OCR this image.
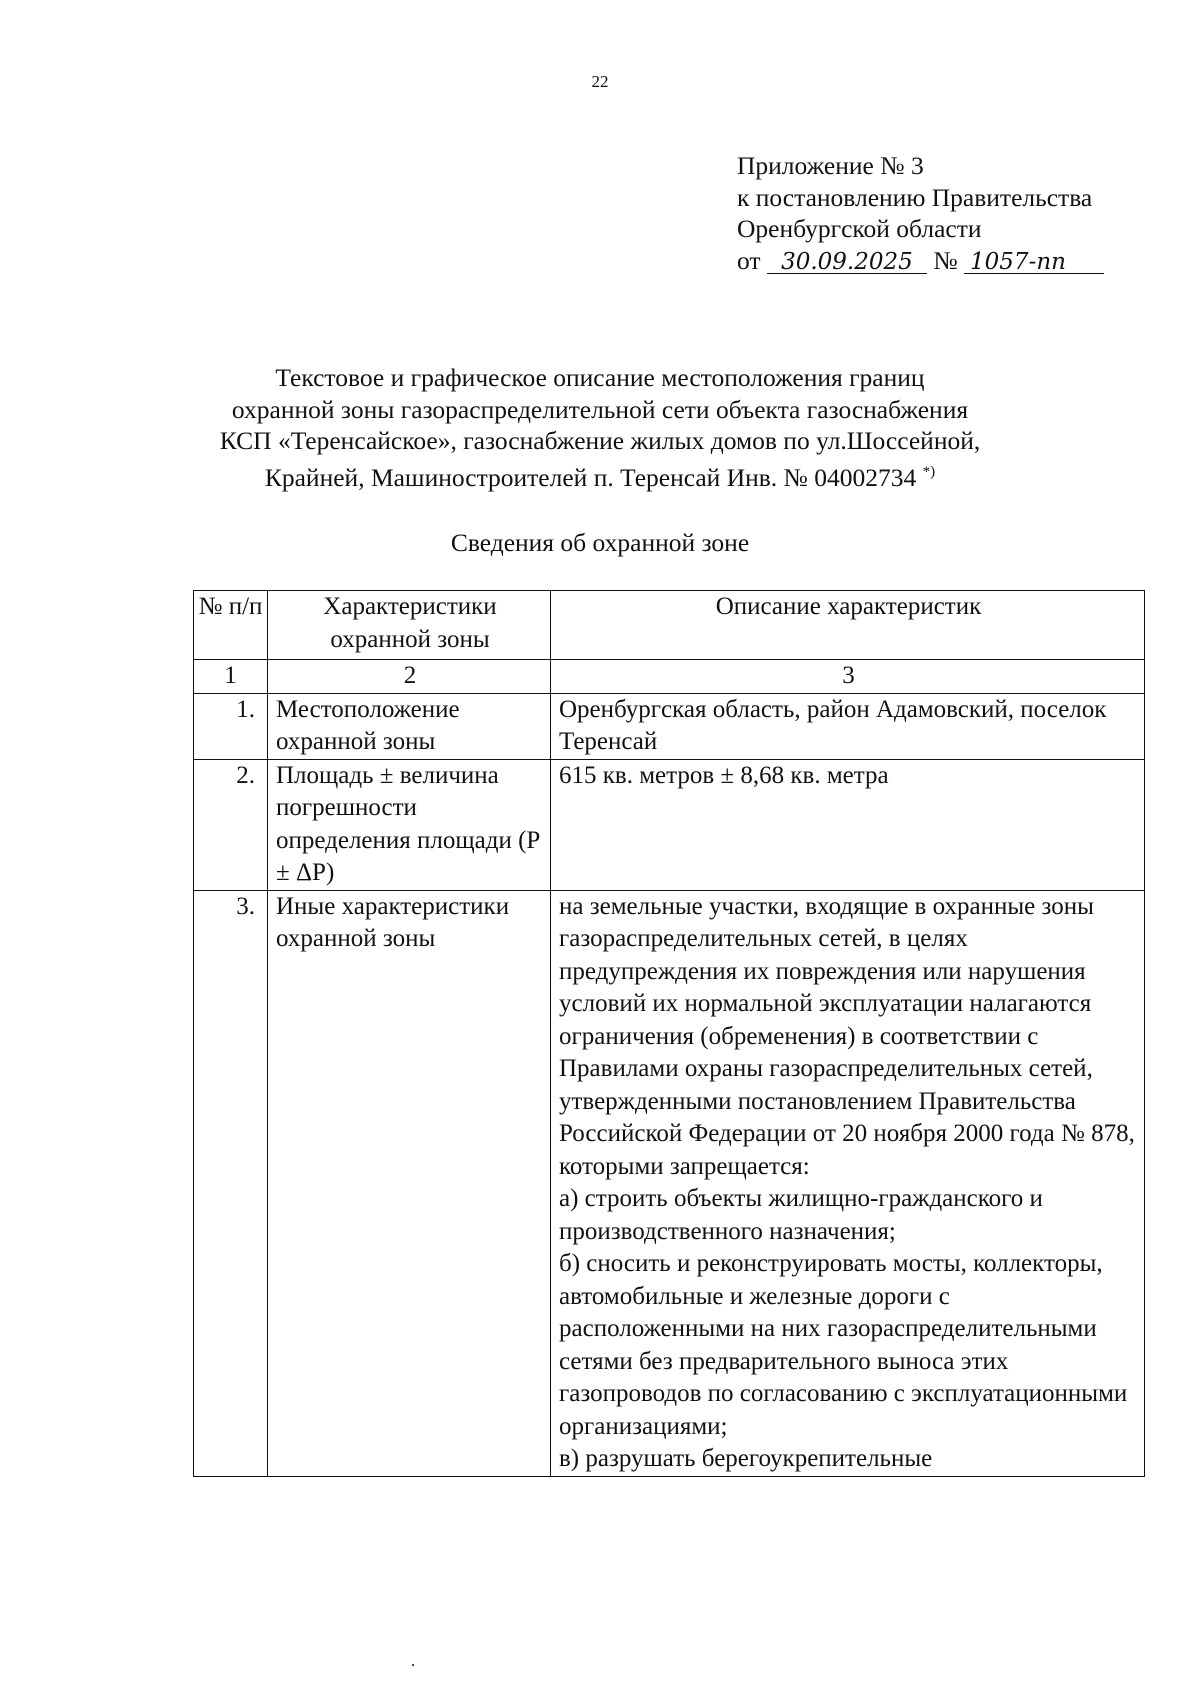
22
Приложение № 3
к постановлению Правительства
Оренбургской области
от 30.09.2025 № 1057-пп
Текстовое и графическое описание местоположения границ
охранной зоны газораспределительной сети объекта газоснабжения
КСП «Теренсайское», газоснабжение жилых домов по ул.Шоссейной,
Крайней, Машиностроителей п. Теренсай Инв. № 04002734 *)
Сведения об охранной зоне
№ п/п	Характеристики охранной зоны	Описание характеристик
1	2	3
1.	Местоположение охранной зоны	Оренбургская область, район Адамовский, поселок Теренсай
2.	Площадь ± величина погрешности определения площади (Р ± ΔР)	615 кв. метров ± 8,68 кв. метра
3.	Иные характеристики охранной зоны	на земельные участки, входящие в охранные зоны газораспределительных сетей, в целях предупреждения их повреждения или нарушения условий их нормальной эксплуатации налагаются ограничения (обременения) в соответствии с Правилами охраны газораспределительных сетей, утвержденными постановлением Правительства Российской Федерации от 20 ноября 2000 года № 878, которыми запрещается:
а) строить объекты жилищно-гражданского и производственного назначения;
б) сносить и реконструировать мосты, коллекторы, автомобильные и железные дороги с расположенными на них газораспределительными сетями без предварительного выноса этих газопроводов по согласованию с эксплуатационными организациями;
в) разрушать берегоукрепительные
